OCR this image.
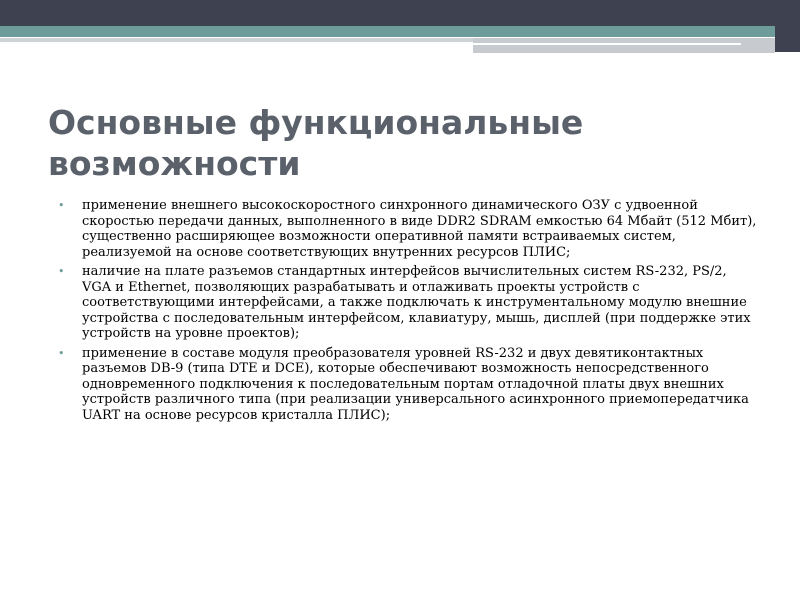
Основные функциональные возможности
• применение внешнего высокоскоростного синхронного динамического ОЗУ с удвоенной скоростью передачи данных, выполненного в виде DDR2 SDRAM емкостью 64 Мбайт (512 Мбит), существенно расширяющее возможности оперативной памяти встраиваемых систем, реализуемой на основе соответствующих внутренних ресурсов ПЛИС;
• наличие на плате разъемов стандартных интерфейсов вычислительных систем RS-232, PS/2, VGA и Ethernet, позволяющих разрабатывать и отлаживать проекты устройств с соответствующими интерфейсами, а также подключать к инструментальному модулю внешние устройства с последовательным интерфейсом, клавиатуру, мышь, дисплей (при поддержке этих устройств на уровне проектов);
• применение в составе модуля преобразователя уровней RS-232 и двух девятиконтактных разъемов DB-9 (типа DTE и DCE), которые обеспечивают возможность непосредственного одновременного подключения к последовательным портам отладочной платы двух внешних устройств различного типа (при реализации универсального асинхронного приемопередатчика UART на основе ресурсов кристалла ПЛИС);
